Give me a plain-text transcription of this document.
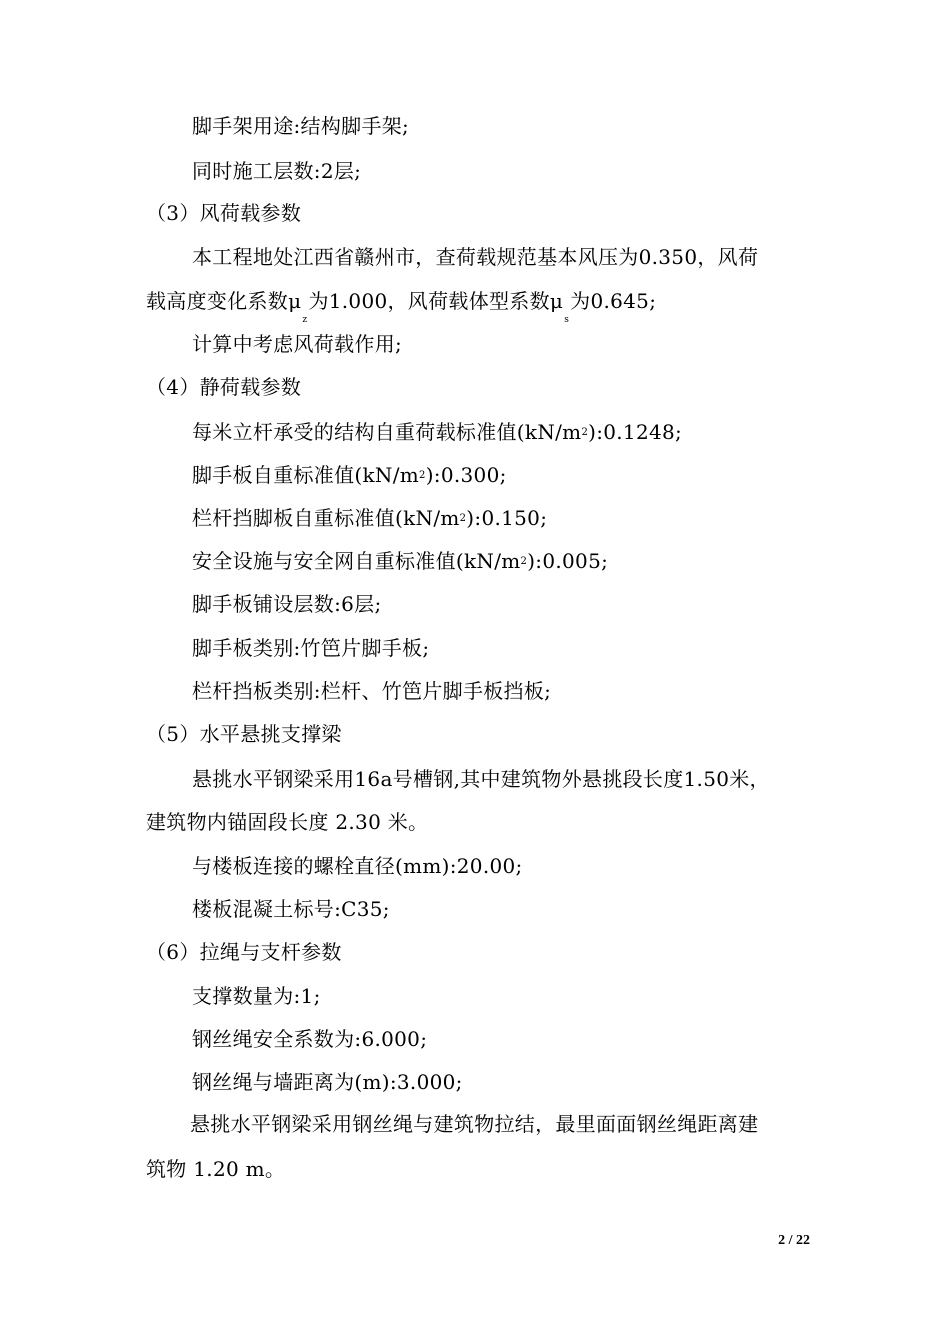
脚手架用途:结构脚手架;
同时施工层数:2层;
（3）风荷载参数
本工程地处江西省赣州市，查荷载规范基本风压为0.350，风荷
载高度变化系数$\mu_z$为1.000，风荷载体型系数$\mu_s$为0.645;
计算中考虑风荷载作用;
（4）静荷载参数
每米立杆承受的结构自重荷载标准值$(kN/m^2):0.1248$;
脚手板自重标准值$(kN/m^2):0.300$;
栏杆挡脚板自重标准值$(kN/m^2):0.150$;
安全设施与安全网自重标准值$(kN/m^2):0.005$;
脚手板铺设层数:6层;
脚手板类别:竹笆片脚手板;
栏杆挡板类别:栏杆、竹笆片脚手板挡板;
（5）水平悬挑支撑梁
悬挑水平钢梁采用16a号槽钢,其中建筑物外悬挑段长度1.50米，
建筑物内锚固段长度 2.30 米。
与楼板连接的螺栓直径(mm):20.00;
楼板混凝土标号:C35;
（6）拉绳与支杆参数
支撑数量为:1;
钢丝绳安全系数为:6.000;
钢丝绳与墙距离为(m):3.000;
悬挑水平钢梁采用钢丝绳与建筑物拉结，最里面面钢丝绳距离建
筑物 1.20 m。
2 / 22
